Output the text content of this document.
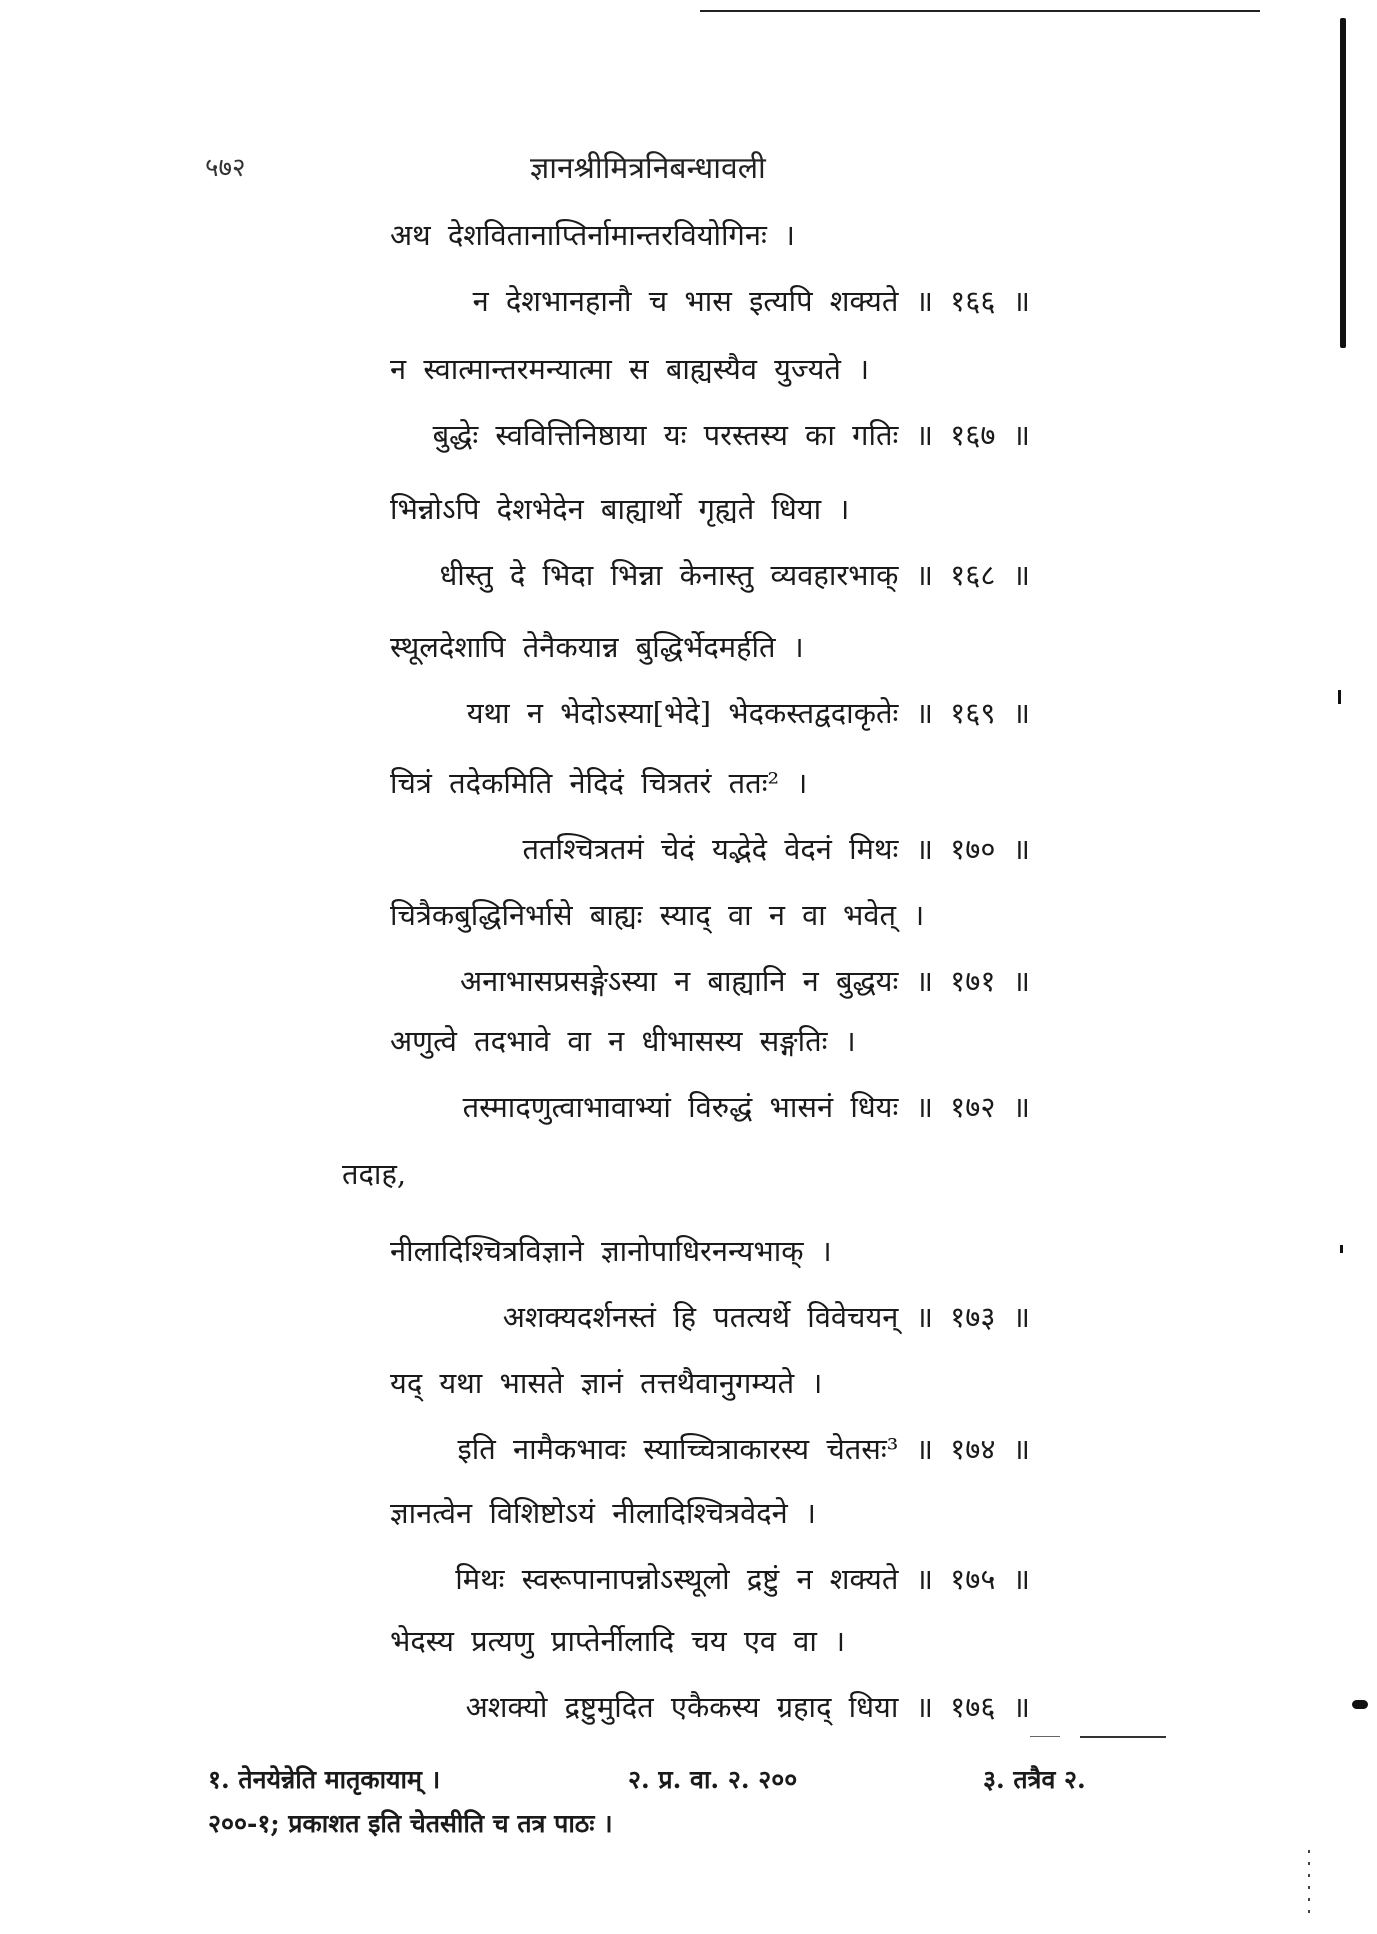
५७२	ज्ञानश्रीमित्रनिबन्धावली
अथ देशवितानाप्तिर्नामान्तरवियोगिनः ।
न देशभानहानौ च भास इत्यपि शक्यते ॥ १६६ ॥
न स्वात्मान्तरमन्यात्मा स बाह्यस्यैव युज्यते ।
बुद्धेः स्ववित्तिनिष्ठाया यः परस्तस्य का गतिः ॥ १६७ ॥
भिन्नोऽपि देशभेदेन बाह्यार्थो गृह्यते धिया ।
धीस्तु दे भिदा भिन्ना केनास्तु व्यवहारभाक् ॥ १६८ ॥
स्थूलदेशापि तेनैकयान्न बुद्धिर्भेदमर्हति ।
यथा न भेदोऽस्या[भेदे] भेदकस्तद्वदाकृतेः ॥ १६९ ॥
चित्रं तदेकमिति नेदिदं चित्रतरं ततः² ।
ततश्चित्रतमं चेदं यद्भेदे वेदनं मिथः ॥ १७० ॥
चित्रैकबुद्धिनिर्भासे बाह्यः स्याद् वा न वा भवेत् ।
अनाभासप्रसङ्गेऽस्या न बाह्यानि न बुद्धयः ॥ १७१ ॥
अणुत्वे तदभावे वा न धीभासस्य सङ्गतिः ।
तस्मादणुत्वाभावाभ्यां विरुद्धं भासनं धियः ॥ १७२ ॥
तदाह,
नीलादिश्चित्रविज्ञाने ज्ञानोपाधिरनन्यभाक् ।
अशक्यदर्शनस्तं हि पतत्यर्थे विवेचयन् ॥ १७३ ॥
यद् यथा भासते ज्ञानं तत्तथैवानुगम्यते ।
इति नामैकभावः स्याच्चित्राकारस्य चेतसः³ ॥ १७४ ॥
ज्ञानत्वेन विशिष्टोऽयं नीलादिश्चित्रवेदने ।
मिथः स्वरूपानापन्नोऽस्थूलो द्रष्टुं न शक्यते ॥ १७५ ॥
भेदस्य प्रत्यणु प्राप्तेर्नीलादि चय एव वा ।
अशक्यो द्रष्टुमुदित एकैकस्य ग्रहाद् धिया ॥ १७६ ॥
१. तेनयेन्नेति मातृकायाम् ।	२. प्र. वा. २. २००	३. तत्रैव २.
२००-१; प्रकाशत इति चेतसीति च तत्र पाठः ।
